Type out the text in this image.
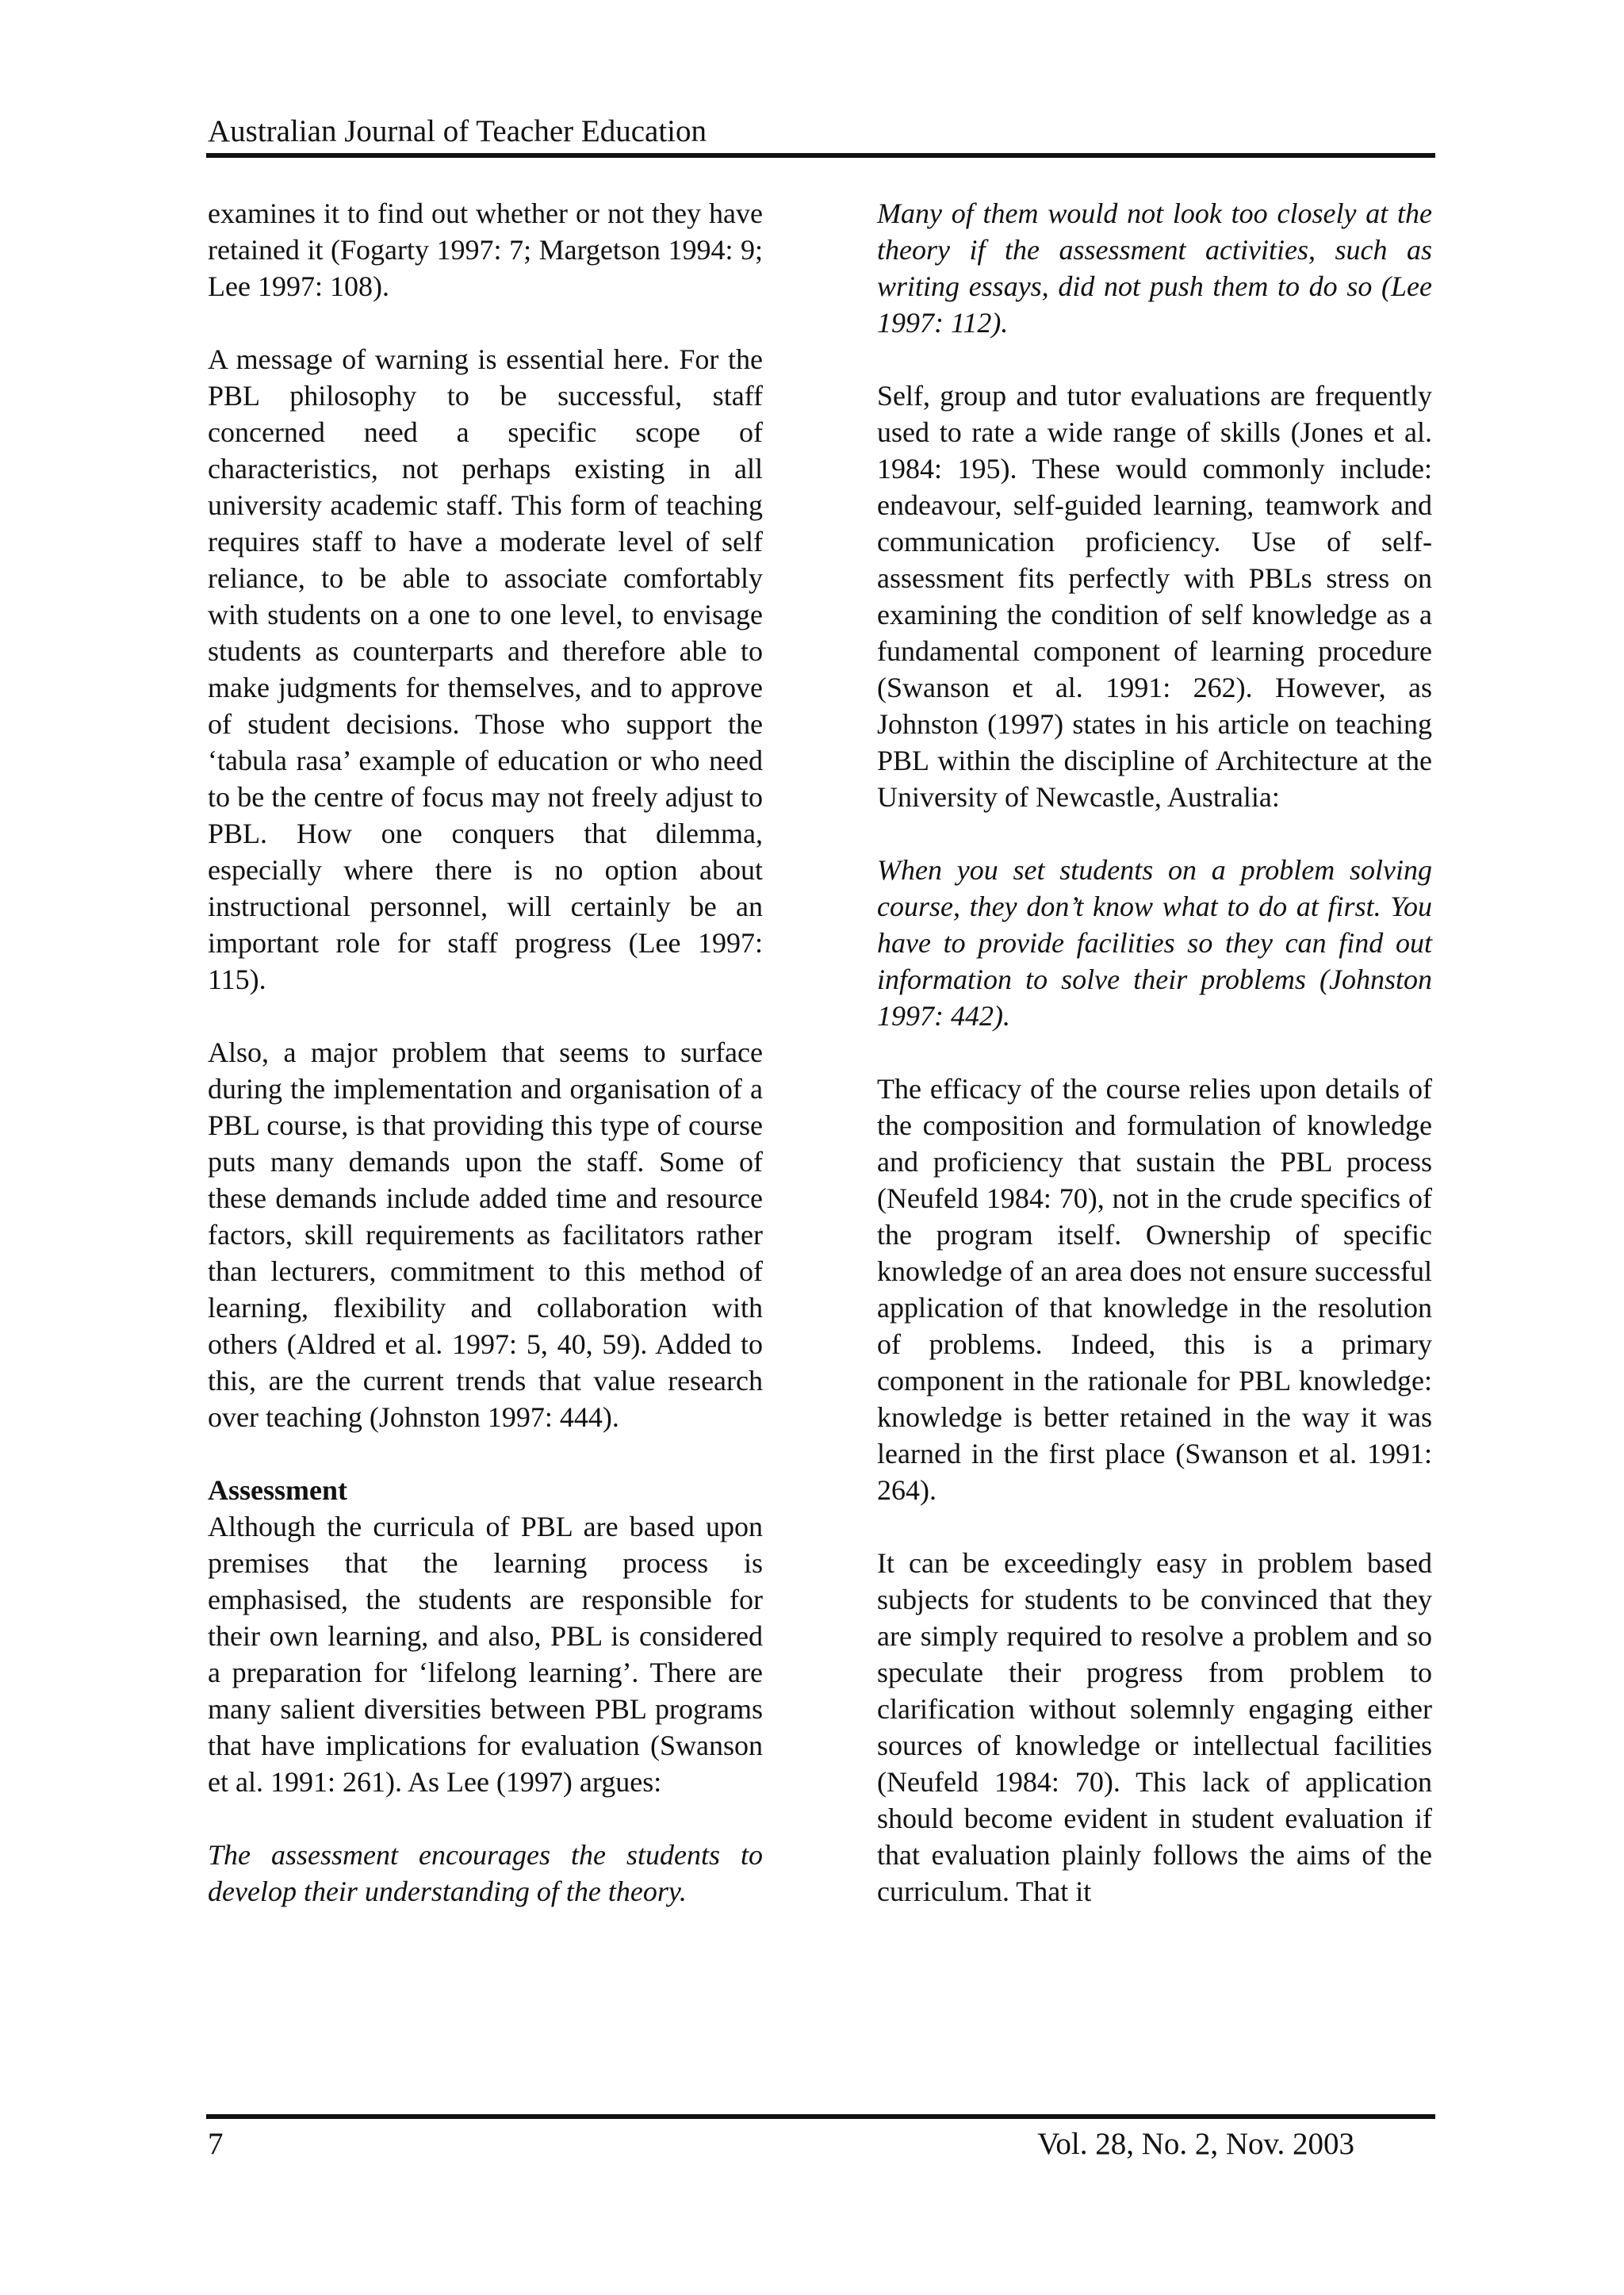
Australian Journal of Teacher Education

examines it to find out whether or not they have retained it (Fogarty 1997: 7; Margetson 1994: 9; Lee 1997: 108).

A message of warning is essential here. For the PBL philosophy to be successful, staff concerned need a specific scope of characteristics, not perhaps existing in all university academic staff. This form of teaching requires staff to have a moderate level of self reliance, to be able to associate comfortably with students on a one to one level, to envisage students as counterparts and therefore able to make judgments for themselves, and to approve of student decisions. Those who support the ‘tabula rasa’ example of education or who need to be the centre of focus may not freely adjust to PBL. How one conquers that dilemma, especially where there is no option about instructional personnel, will certainly be an important role for staff progress (Lee 1997: 115).

Also, a major problem that seems to surface during the implementation and organisation of a PBL course, is that providing this type of course puts many demands upon the staff. Some of these demands include added time and resource factors, skill requirements as facilitators rather than lecturers, commitment to this method of learning, flexibility and collaboration with others (Aldred et al. 1997: 5, 40, 59). Added to this, are the current trends that value research over teaching (Johnston 1997: 444).

Assessment

Although the curricula of PBL are based upon premises that the learning process is emphasised, the students are responsible for their own learning, and also, PBL is considered a preparation for ‘lifelong learning’. There are many salient diversities between PBL programs that have implications for evaluation (Swanson et al. 1991: 261). As Lee (1997) argues:

The assessment encourages the students to develop their understanding of the theory.

Many of them would not look too closely at the theory if the assessment activities, such as writing essays, did not push them to do so (Lee 1997: 112).

Self, group and tutor evaluations are frequently used to rate a wide range of skills (Jones et al. 1984: 195). These would commonly include: endeavour, self-guided learning, teamwork and communication proficiency. Use of self-assessment fits perfectly with PBLs stress on examining the condition of self knowledge as a fundamental component of learning procedure (Swanson et al. 1991: 262). However, as Johnston (1997) states in his article on teaching PBL within the discipline of Architecture at the University of Newcastle, Australia:

When you set students on a problem solving course, they don’t know what to do at first. You have to provide facilities so they can find out information to solve their problems (Johnston 1997: 442).

The efficacy of the course relies upon details of the composition and formulation of knowledge and proficiency that sustain the PBL process (Neufeld 1984: 70), not in the crude specifics of the program itself. Ownership of specific knowledge of an area does not ensure successful application of that knowledge in the resolution of problems. Indeed, this is a primary component in the rationale for PBL knowledge: knowledge is better retained in the way it was learned in the first place (Swanson et al. 1991: 264).

It can be exceedingly easy in problem based subjects for students to be convinced that they are simply required to resolve a problem and so speculate their progress from problem to clarification without solemnly engaging either sources of knowledge or intellectual facilities (Neufeld 1984: 70). This lack of application should become evident in student evaluation if that evaluation plainly follows the aims of the curriculum. That it

7	Vol. 28, No. 2, Nov. 2003
